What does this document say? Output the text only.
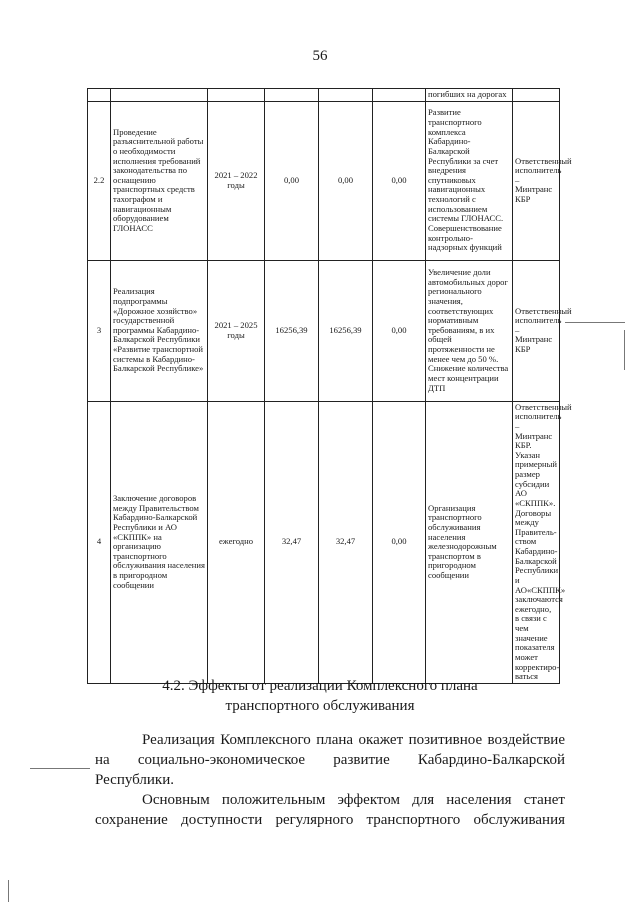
56
						погибших на дорогах	
2.2	Проведение разъяснительной работы о необходимости исполнения требований законодательства по оснащению транспортных средств тахографом и навигационным оборудованием ГЛОНАСС	2021 – 2022 годы	0,00	0,00	0,00	Развитие транспортного комплекса Кабардино-Балкарской Республики за счет внедрения спутниковых навигационных технологий с использованием системы ГЛОНАСС. Совершенствование контрольно-надзорных функций	Ответственный исполнитель – Минтранс КБР
3	Реализация подпрограммы «Дорожное хозяйство» государственной программы Кабардино-Балкарской Республики «Развитие транспортной системы в Кабардино-Балкарской Республике»	2021 – 2025 годы	16256,39	16256,39	0,00	Увеличение доли автомобильных дорог регионального значения, соответствующих нормативным требованиям, в их общей протяженности не менее чем до 50 %. Снижение количества мест концентрации ДТП	Ответственный исполнитель – Минтранс КБР
4	Заключение договоров между Правительством Кабардино-Балкарской Республики и АО «СКППК» на организацию транспортного обслуживания населения в пригородном сообщении	ежегодно	32,47	32,47	0,00	Организация транспортного обслуживания населения железнодорожным транспортом в пригородном сообщении	Ответственный исполнитель – Минтранс КБР. Указан примерный размер субсидии АО «СКППК». Договоры между Правитель-ством Кабардино-Балкарской Республики и АО«СКППК» заключаются ежегодно, в связи с чем значение показателя может корректиро-ваться
4.2. Эффекты от реализации Комплексного плана
транспортного обслуживания
Реализация Комплексного плана окажет позитивное воздействие
на социально-экономическое развитие Кабардино-Балкарской
Республики.
Основным положительным эффектом для населения станет
сохранение доступности регулярного транспортного обслуживания
